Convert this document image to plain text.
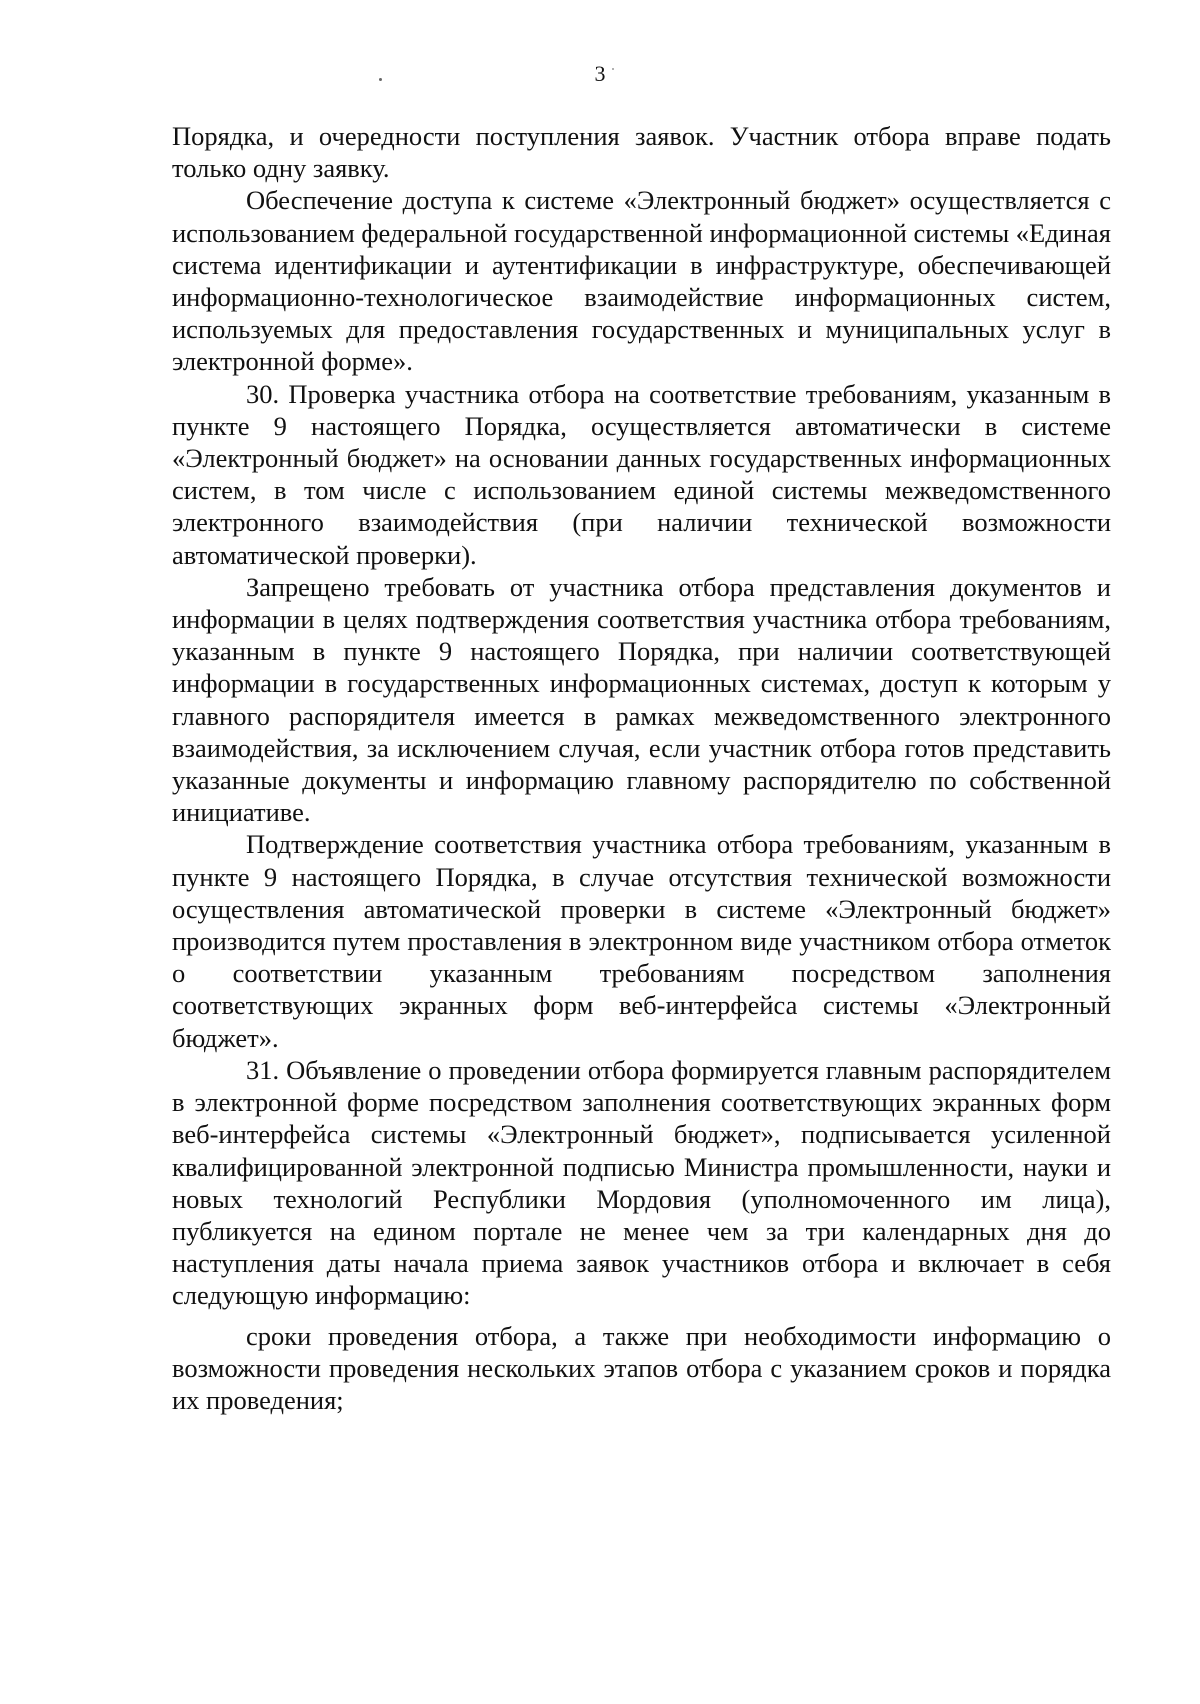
3

Порядка, и очередности поступления заявок. Участник отбора вправе подать только одну заявку.

Обеспечение доступа к системе «Электронный бюджет» осуществляется с использованием федеральной государственной информационной системы «Единая система идентификации и аутентификации в инфраструктуре, обеспечивающей информационно-технологическое взаимодействие информационных систем, используемых для предоставления государственных и муниципальных услуг в электронной форме».

30. Проверка участника отбора на соответствие требованиям, указанным в пункте 9 настоящего Порядка, осуществляется автоматически в системе «Электронный бюджет» на основании данных государственных информационных систем, в том числе с использованием единой системы межведомственного электронного взаимодействия (при наличии технической возможности автоматической проверки).

Запрещено требовать от участника отбора представления документов и информации в целях подтверждения соответствия участника отбора требованиям, указанным в пункте 9 настоящего Порядка, при наличии соответствующей информации в государственных информационных системах, доступ к которым у главного распорядителя имеется в рамках межведомственного электронного взаимодействия, за исключением случая, если участник отбора готов представить указанные документы и информацию главному распорядителю по собственной инициативе.

Подтверждение соответствия участника отбора требованиям, указанным в пункте 9 настоящего Порядка, в случае отсутствия технической возможности осуществления автоматической проверки в системе «Электронный бюджет» производится путем проставления в электронном виде участником отбора отметок о соответствии указанным требованиям посредством заполнения соответствующих экранных форм веб-интерфейса системы «Электронный бюджет».

31. Объявление о проведении отбора формируется главным распорядителем в электронной форме посредством заполнения соответствующих экранных форм веб-интерфейса системы «Электронный бюджет», подписывается усиленной квалифицированной электронной подписью Министра промышленности, науки и новых технологий Республики Мордовия (уполномоченного им лица), публикуется на едином портале не менее чем за три календарных дня до наступления даты начала приема заявок участников отбора и включает в себя следующую информацию:

сроки проведения отбора, а также при необходимости информацию о возможности проведения нескольких этапов отбора с указанием сроков и порядка их проведения;
